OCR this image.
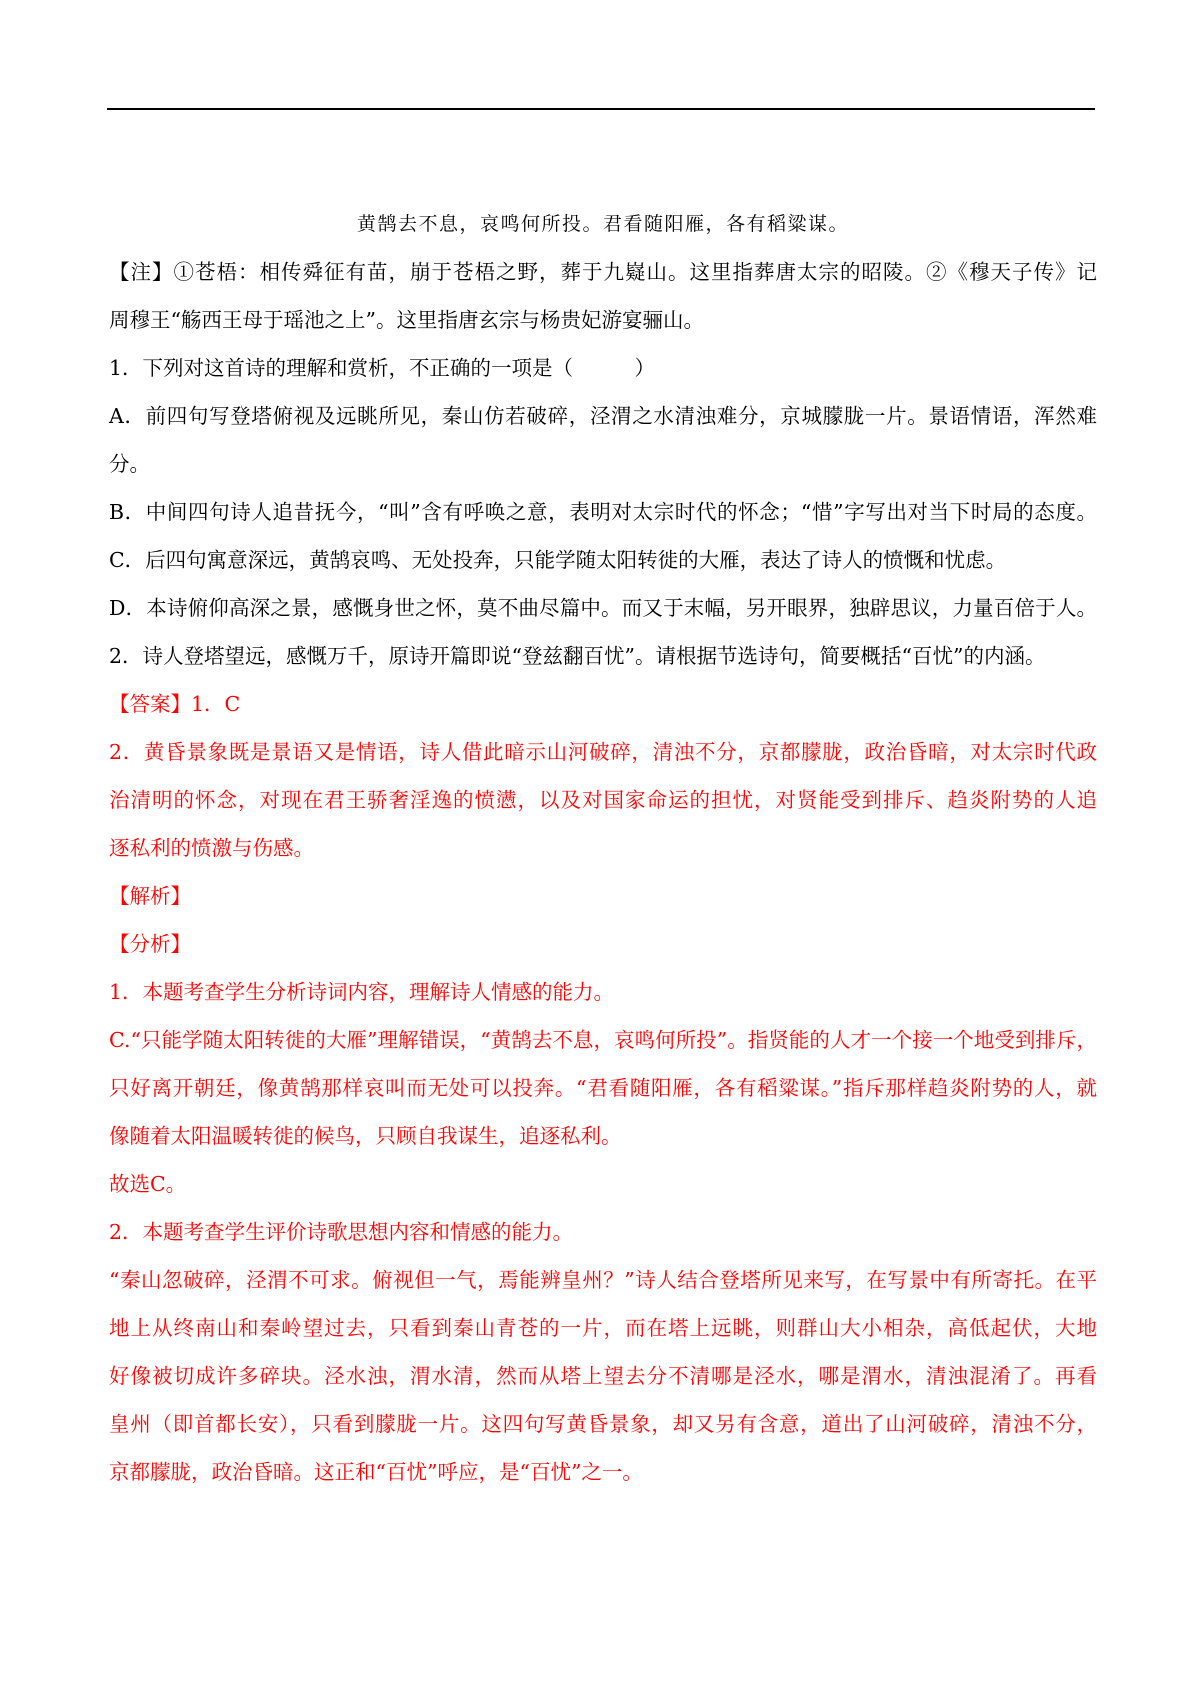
黄鹄去不息，哀鸣何所投。君看随阳雁，各有稻粱谋。
【注】①苍梧：相传舜征有苗，崩于苍梧之野，葬于九嶷山。这里指葬唐太宗的昭陵。②《穆天子传》记
周穆王“觞西王母于瑶池之上”。这里指唐玄宗与杨贵妃游宴骊山。
1．下列对这首诗的理解和赏析，不正确的一项是（　　　）
A．前四句写登塔俯视及远眺所见，秦山仿若破碎，泾渭之水清浊难分，京城朦胧一片。景语情语，浑然难
分。
B．中间四句诗人追昔抚今，“叫”含有呼唤之意，表明对太宗时代的怀念；“惜”字写出对当下时局的态度。
C．后四句寓意深远，黄鹄哀鸣、无处投奔，只能学随太阳转徙的大雁，表达了诗人的愤慨和忧虑。
D．本诗俯仰高深之景，感慨身世之怀，莫不曲尽篇中。而又于末幅，另开眼界，独辟思议，力量百倍于人。
2．诗人登塔望远，感慨万千，原诗开篇即说“登兹翻百忧”。请根据节选诗句，简要概括“百忧”的内涵。
【答案】1．C
2．黄昏景象既是景语又是情语，诗人借此暗示山河破碎，清浊不分，京都朦胧，政治昏暗，对太宗时代政
治清明的怀念，对现在君王骄奢淫逸的愤懑，以及对国家命运的担忧，对贤能受到排斥、趋炎附势的人追
逐私利的愤激与伤感。
【解析】
【分析】
1．本题考查学生分析诗词内容，理解诗人情感的能力。
C.“只能学随太阳转徙的大雁”理解错误，“黄鹄去不息，哀鸣何所投”。指贤能的人才一个接一个地受到排斥，
只好离开朝廷，像黄鹄那样哀叫而无处可以投奔。“君看随阳雁，各有稻粱谋。”指斥那样趋炎附势的人，就
像随着太阳温暖转徙的候鸟，只顾自我谋生，追逐私利。
故选C。
2．本题考查学生评价诗歌思想内容和情感的能力。
“秦山忽破碎，泾渭不可求。俯视但一气，焉能辨皇州？”诗人结合登塔所见来写，在写景中有所寄托。在平
地上从终南山和秦岭望过去，只看到秦山青苍的一片，而在塔上远眺，则群山大小相杂，高低起伏，大地
好像被切成许多碎块。泾水浊，渭水清，然而从塔上望去分不清哪是泾水，哪是渭水，清浊混淆了。再看
皇州（即首都长安），只看到朦胧一片。这四句写黄昏景象，却又另有含意，道出了山河破碎，清浊不分，
京都朦胧，政治昏暗。这正和“百忧”呼应，是“百忧”之一。
